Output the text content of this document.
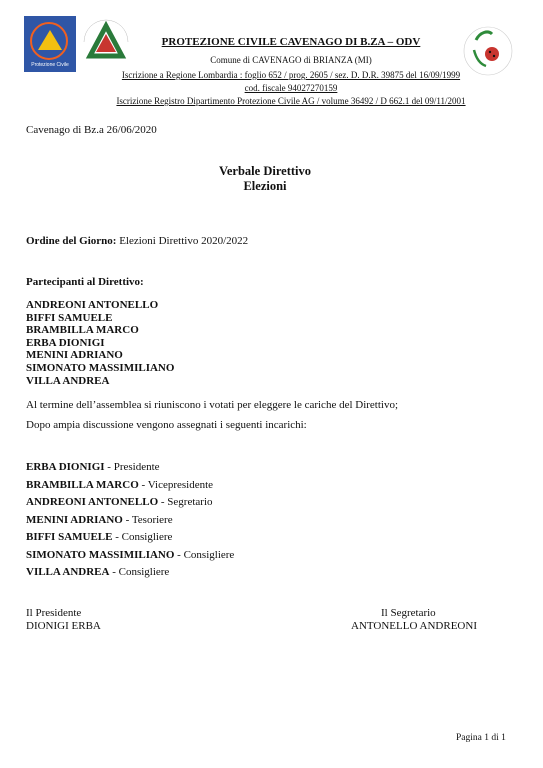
Protezione Civile
PROTEZIONE CIVILE CAVENAGO DI B.ZA – ODV
Comune di CAVENAGO di BRIANZA (MI)
Iscrizione a Regione Lombardia : foglio 652 / prog. 2605 / sez. D. D.R. 39875 del 16/09/1999
cod. fiscale 94027270159
Iscrizione Registro Dipartimento Protezione Civile AG / volume 36492 / D 662.1 del 09/11/2001
Cavenago di Bz.a 26/06/2020
Verbale Direttivo
Elezioni
Ordine del Giorno: Elezioni Direttivo 2020/2022
Partecipanti al Direttivo:
ANDREONI ANTONELLO
BIFFI SAMUELE
BRAMBILLA MARCO
ERBA DIONIGI
MENINI ADRIANO
SIMONATO MASSIMILIANO
VILLA ANDREA
Al termine dell’assemblea si riuniscono i votati per eleggere le cariche del Direttivo;
Dopo ampia discussione vengono assegnati i seguenti incarichi:
ERBA DIONIGI - Presidente
BRAMBILLA MARCO - Vicepresidente
ANDREONI ANTONELLO - Segretario
MENINI ADRIANO - Tesoriere
BIFFI SAMUELE - Consigliere
SIMONATO MASSIMILIANO - Consigliere
VILLA ANDREA - Consigliere
Il Presidente
DIONIGI ERBA
Il Segretario
ANTONELLO ANDREONI
Pagina 1 di 1
